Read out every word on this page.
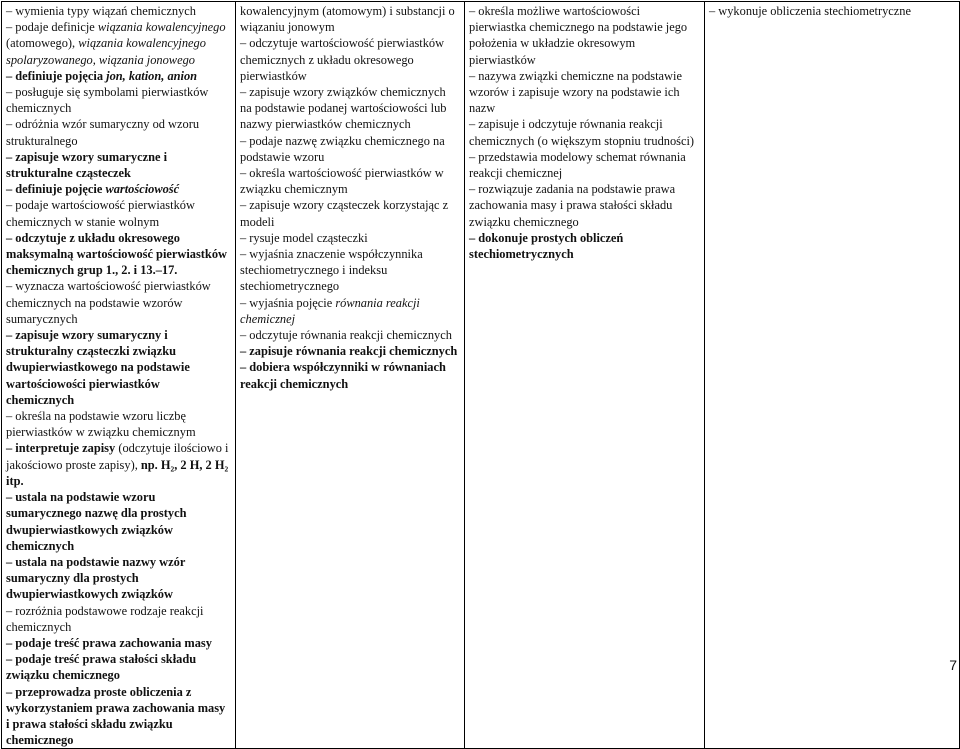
– wymienia typy wiązań chemicznych
– podaje definicje wiązania kowalencyjnego (atomowego), wiązania kowalencyjnego spolaryzowanego, wiązania jonowego
– definiuje pojęcia jon, kation, anion
– posługuje się symbolami pierwiastków chemicznych
– odróżnia wzór sumaryczny od wzoru strukturalnego
– zapisuje wzory sumaryczne i strukturalne cząsteczek
– definiuje pojęcie wartościowość
– podaje wartościowość pierwiastków chemicznych w stanie wolnym
– odczytuje z układu okresowego maksymalną wartościowość pierwiastków chemicznych grup 1., 2. i 13.–17.
– wyznacza wartościowość pierwiastków chemicznych na podstawie wzorów sumarycznych
– zapisuje wzory sumaryczny i strukturalny cząsteczki związku dwupierwiastkowego na podstawie wartościowości pierwiastków chemicznych
– określa na podstawie wzoru liczbę pierwiastków w związku chemicznym
– interpretuje zapisy (odczytuje ilościowo i jakościowo proste zapisy), np. H₂, 2 H, 2 H₂ itp.
– ustala na podstawie wzoru sumarycznego nazwę dla prostych dwupierwiastkowych związków chemicznych
– ustala na podstawie nazwy wzór sumaryczny dla prostych dwupierwiastkowych związków
– rozróżnia podstawowe rodzaje reakcji chemicznych
– podaje treść prawa zachowania masy
– podaje treść prawa stałości składu związku chemicznego
– przeprowadza proste obliczenia z wykorzystaniem prawa zachowania masy i prawa stałości składu związku chemicznego

kowalencyjnym (atomowym) i substancji o wiązaniu jonowym
– odczytuje wartościowość pierwiastków chemicznych z układu okresowego pierwiastków
– zapisuje wzory związków chemicznych na podstawie podanej wartościowości lub nazwy pierwiastków chemicznych
– podaje nazwę związku chemicznego na podstawie wzoru
– określa wartościowość pierwiastków w związku chemicznym
– zapisuje wzory cząsteczek korzystając z modeli
– rysuje model cząsteczki
– wyjaśnia znaczenie współczynnika stechiometrycznego i indeksu stechiometrycznego
– wyjaśnia pojęcie równania reakcji chemicznej
– odczytuje równania reakcji chemicznych
– zapisuje równania reakcji chemicznych
– dobiera współczynniki w równaniach reakcji chemicznych

– określa możliwe wartościowości pierwiastka chemicznego na podstawie jego położenia w układzie okresowym pierwiastków
– nazywa związki chemiczne na podstawie wzorów i zapisuje wzory na podstawie ich nazw
– zapisuje i odczytuje równania reakcji chemicznych (o większym stopniu trudności)
– przedstawia modelowy schemat równania reakcji chemicznej
– rozwiązuje zadania na podstawie prawa zachowania masy i prawa stałości składu związku chemicznego
– dokonuje prostych obliczeń stechiometrycznych

– wykonuje obliczenia stechiometryczne
7
